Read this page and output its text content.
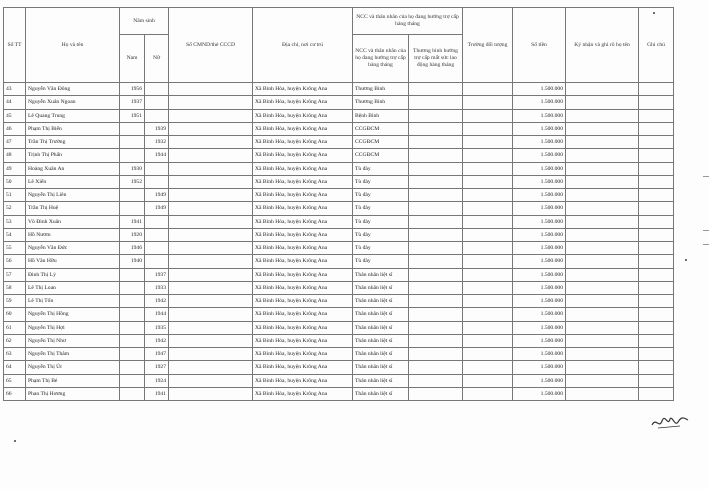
Số TT	Họ và tên	Năm sinh		Số CMND/thẻ CCCD	Địa chỉ, nơi cư trú	NCC và thân nhân của họ đang hưởng trợ cấp hàng tháng		Trường đối tượng	Số tiền	Ký nhận và ghi rõ họ tên	Ghi chú
		Nam	Nữ			NCC và thân nhân của họ đang hưởng trợ cấp hàng tháng	Thương binh hưởng trợ cấp mất sức lao động hàng tháng				
43	Nguyễn Văn Đông	1956			Xã Bình Hòa, huyện Krông Ana	Thương Binh			1.500.000		
44	Nguyễn Xuân Ngoan	1937			Xã Bình Hòa, huyện Krông Ana	Thương Binh			1.500.000		
45	Lê Quang Trung	1951			Xã Bình Hòa, huyện Krông Ana	Bệnh Binh			1.500.000		
46	Phạm Thị Biển		1939		Xã Bình Hòa, huyện Krông Ana	CCGĐCM			1.500.000		
47	Trần Thị Trường		1932		Xã Bình Hòa, huyện Krông Ana	CCGĐCM			1.500.000		
48	Trịnh Thị Phấn		1944		Xã Bình Hòa, huyện Krông Ana	CCGĐCM			1.500.000		
49	Hoàng Xuân An	1930			Xã Bình Hòa, huyện Krông Ana	Tù đày			1.500.000		
50	Lê Xiển	1952			Xã Bình Hòa, huyện Krông Ana	Tù đày			1.500.000		
51	Nguyễn Thị Liên		1949		Xã Bình Hòa, huyện Krông Ana	Tù đày			1.500.000		
52	Trần Thị Huệ		1949		Xã Bình Hòa, huyện Krông Ana	Tù đày			1.500.000		
53	Võ Đình Xuân	1941			Xã Bình Hòa, huyện Krông Ana	Tù đày			1.500.000		
54	Hồ Nươm	1920			Xã Bình Hòa, huyện Krông Ana	Tù đày			1.500.000		
55	Nguyễn Văn Đức	1946			Xã Bình Hòa, huyện Krông Ana	Tù đày			1.500.000		
56	Hồ Văn Hữu	1940			Xã Bình Hòa, huyện Krông Ana	Tù đày			1.500.000		
57	Đinh Thị Lý		1937		Xã Bình Hòa, huyện Krông Ana	Thân nhân liệt sĩ			1.500.000		
58	Lê Thị Loan		1933		Xã Bình Hòa, huyện Krông Ana	Thân nhân liệt sĩ			1.500.000		
59	Lê Thị Tốn		1942		Xã Bình Hòa, huyện Krông Ana	Thân nhân liệt sĩ			1.500.000		
60	Nguyễn Thị Hồng		1944		Xã Bình Hòa, huyện Krông Ana	Thân nhân liệt sĩ			1.500.000		
61	Nguyễn Thị Hợi		1935		Xã Bình Hòa, huyện Krông Ana	Thân nhân liệt sĩ			1.500.000		
62	Nguyễn Thị Như		1942		Xã Bình Hòa, huyện Krông Ana	Thân nhân liệt sĩ			1.500.000		
63	Nguyễn Thị Thâm		1947		Xã Bình Hòa, huyện Krông Ana	Thân nhân liệt sĩ			1.500.000		
64	Nguyễn Thị Út		1927		Xã Bình Hòa, huyện Krông Ana	Thân nhân liệt sĩ			1.500.000		
65	Phạm Thị Bé		1924		Xã Bình Hòa, huyện Krông Ana	Thân nhân liệt sĩ			1.500.000		
66	Phan Thị Hương		1941		Xã Bình Hòa, huyện Krông Ana	Thân nhân liệt sĩ			1.500.000		
